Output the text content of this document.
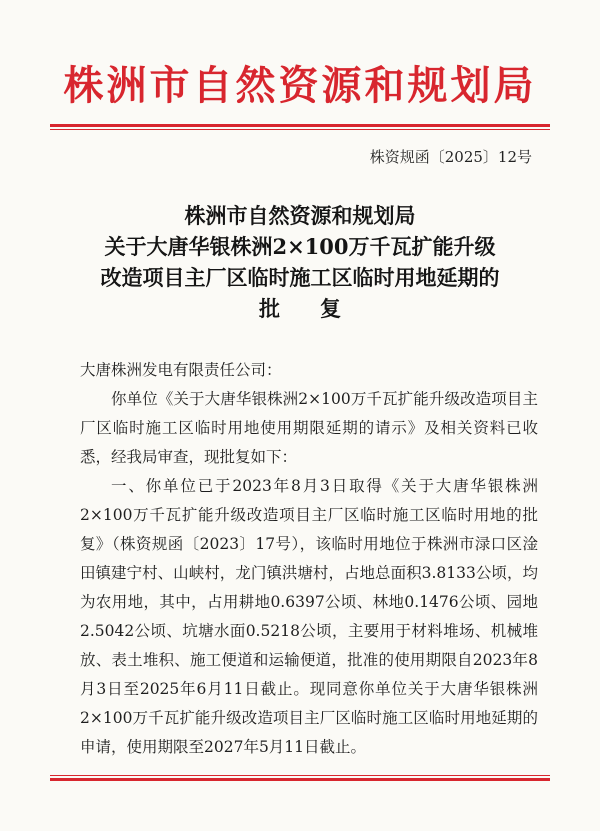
株洲市自然资源和规划局
株资规函〔2025〕12号
株洲市自然资源和规划局
关于大唐华银株洲2×100万千瓦扩能升级
改造项目主厂区临时施工区临时用地延期的
批复

大唐株洲发电有限责任公司：

你单位《关于大唐华银株洲2×100万千瓦扩能升级改造项目主厂区临时施工区临时用地使用期限延期的请示》及相关资料已收悉，经我局审查，现批复如下：

一、你单位已于2023年8月3日取得《关于大唐华银株洲2×100万千瓦扩能升级改造项目主厂区临时施工区临时用地的批复》（株资规函〔2023〕17号），该临时用地位于株洲市渌口区淦田镇建宁村、山峡村，龙门镇洪塘村，占地总面积3.8133公顷，均为农用地，其中，占用耕地0.6397公顷、林地0.1476公顷、园地2.5042公顷、坑塘水面0.5218公顷，主要用于材料堆场、机械堆放、表土堆积、施工便道和运输便道，批准的使用期限自2023年8月3日至2025年6月11日截止。现同意你单位关于大唐华银株洲2×100万千瓦扩能升级改造项目主厂区临时施工区临时用地延期的申请，使用期限至2027年5月11日截止。
